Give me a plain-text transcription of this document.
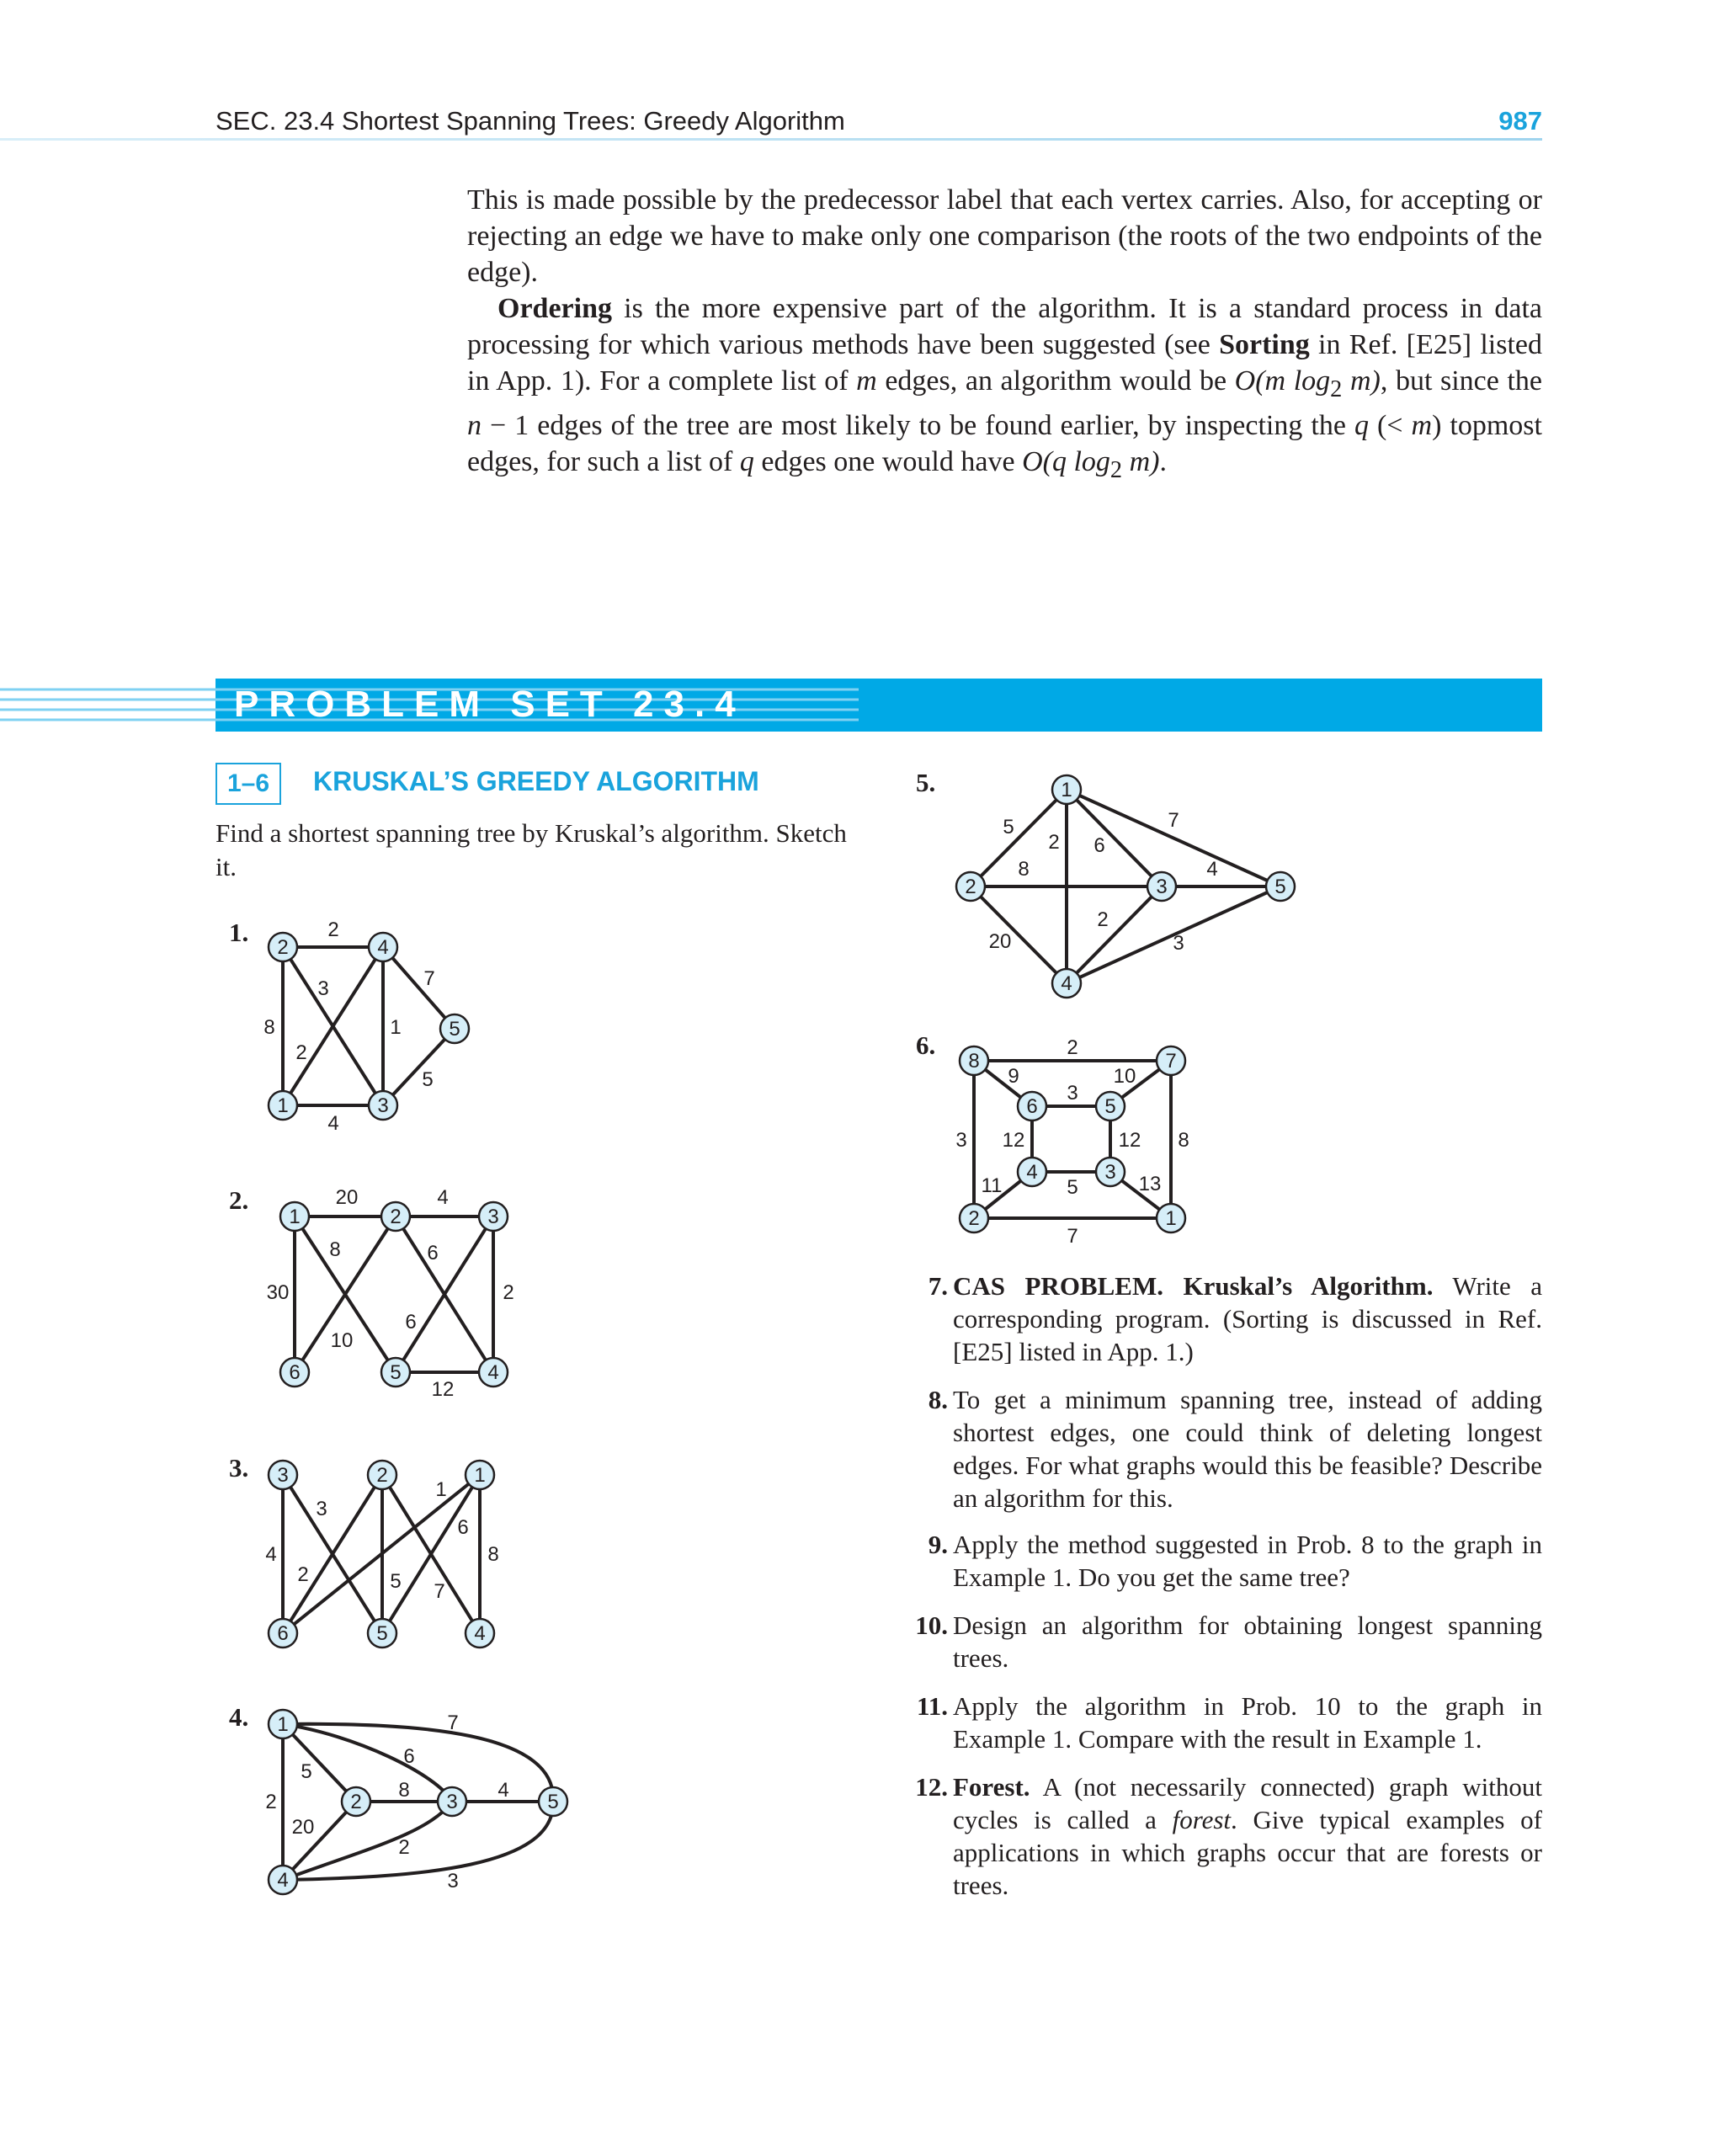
SEC. 23.4 Shortest Spanning Trees: Greedy Algorithm	987

This is made possible by the predecessor label that each vertex carries. Also, for accepting or rejecting an edge we have to make only one comparison (the roots of the two endpoints of the edge).

Ordering is the more expensive part of the algorithm. It is a standard process in data processing for which various methods have been suggested (see Sorting in Ref. [E25] listed in App. 1). For a complete list of m edges, an algorithm would be O(m $\log_2 m$), but since the n − 1 edges of the tree are most likely to be found earlier, by inspecting the q (< m) topmost edges, for such a list of q edges one would have O(q $\log_2 m$).

PROBLEM SET 23.4
1–6	KRUSKAL’S GREEDY ALGORITHM
Find a shortest spanning tree by Kruskal’s algorithm. Sketch it.
1.
2.
3.
4.
5.
6.
2
3	7
8	1
2
5
4
2	4
5
1	3
20	4
8	6
30	2
6
10
12
1	2	3
6	5	4
3
1
6
4	8
2	5 7
3	2	1
6	5	4
7
6
5
8	4
2
20
2
3
1
2	3	5
4
5	7
2 6
8	4
2
20	3
1
2	3	5
4
2
9	10
3
3 12	12 8
11	5	13
7
8	7
6	5
4	3
2	1
7. CAS PROBLEM. Kruskal’s Algorithm. Write a corresponding program. (Sorting is discussed in Ref. [E25] listed in App. 1.)
8. To get a minimum spanning tree, instead of adding shortest edges, one could think of deleting longest edges. For what graphs would this be feasible? Describe an algorithm for this.
9. Apply the method suggested in Prob. 8 to the graph in Example 1. Do you get the same tree?
10. Design an algorithm for obtaining longest spanning trees.
11. Apply the algorithm in Prob. 10 to the graph in Example 1. Compare with the result in Example 1.
12. Forest. A (not necessarily connected) graph without cycles is called a forest. Give typical examples of applications in which graphs occur that are forests or trees.
